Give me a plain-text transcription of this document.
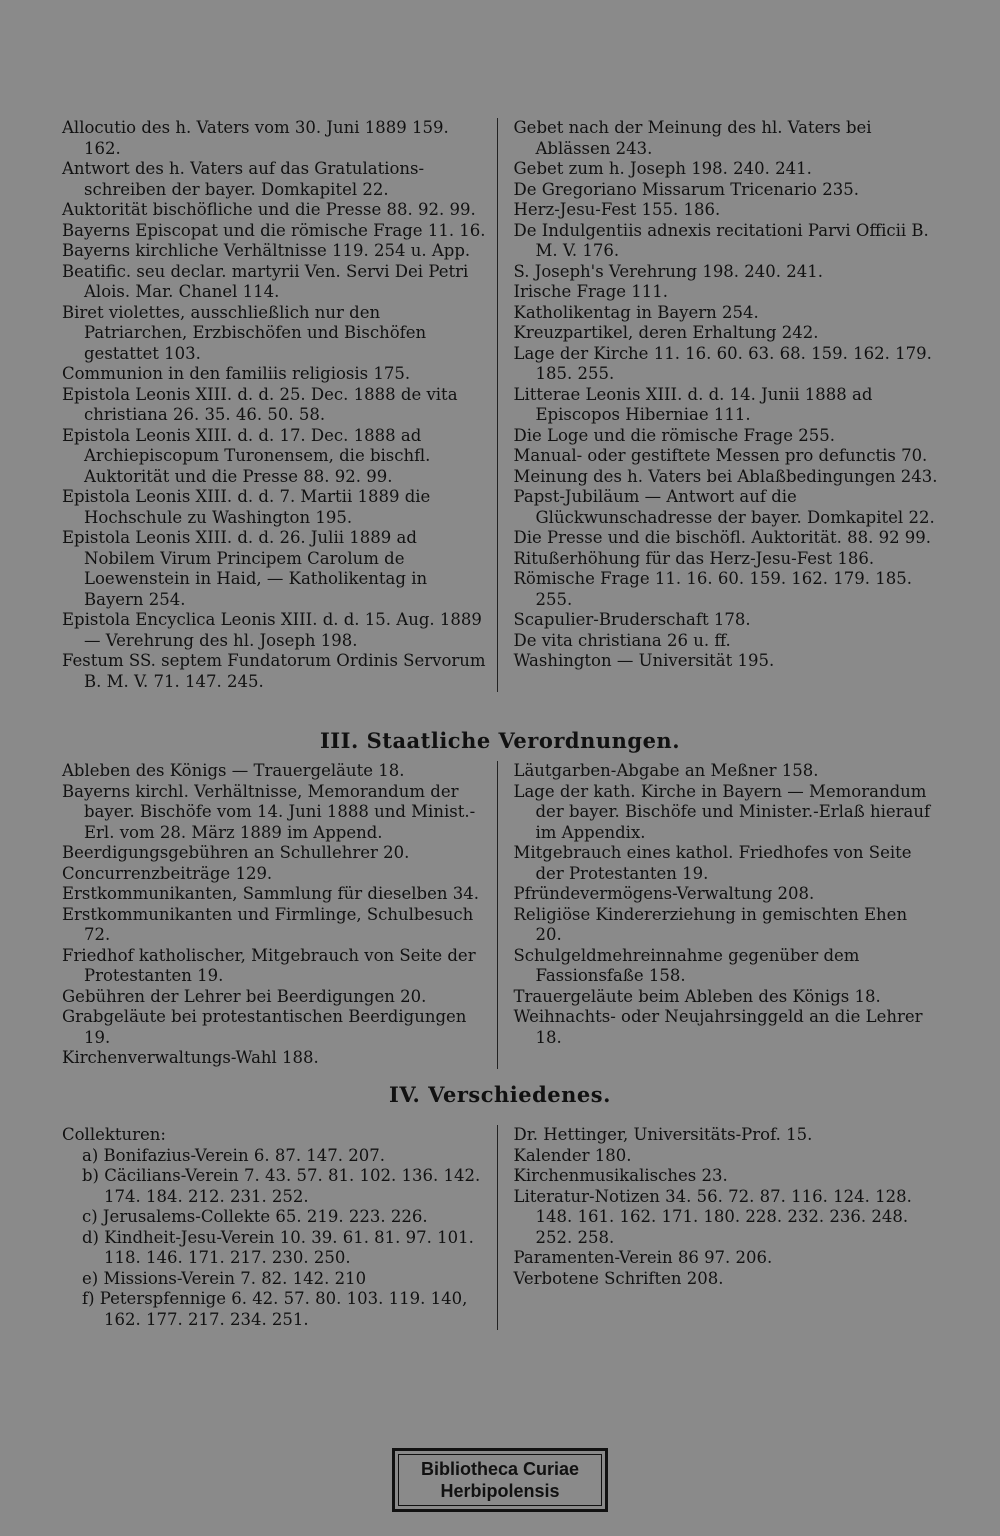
Allocutio des h. Vaters vom 30. Juni 1889 159. 162.
Antwort des h. Vaters auf das Gratulations-schreiben der bayer. Domkapitel 22.
Auktorität bischöfliche und die Presse 88. 92. 99.
Bayerns Episcopat und die römische Frage 11. 16.
Bayerns kirchliche Verhältnisse 119. 254 u. App.
Beatific. seu declar. martyrii Ven. Servi Dei Petri Alois. Mar. Chanel 114.
Biret violettes, ausschließlich nur den Patriarchen, Erzbischöfen und Bischöfen gestattet 103.
Communion in den familiis religiosis 175.
Epistola Leonis XIII. d. d. 25. Dec. 1888 de vita christiana 26. 35. 46. 50. 58.
Epistola Leonis XIII. d. d. 17. Dec. 1888 ad Archiepiscopum Turonensem, die bischfl. Auktorität und die Presse 88. 92. 99.
Epistola Leonis XIII. d. d. 7. Martii 1889 die Hochschule zu Washington 195.
Epistola Leonis XIII. d. d. 26. Julii 1889 ad Nobilem Virum Principem Carolum de Loewenstein in Haid, — Katholikentag in Bayern 254.
Epistola Encyclica Leonis XIII. d. d. 15. Aug. 1889 — Verehrung des hl. Joseph 198.
Festum SS. septem Fundatorum Ordinis Servorum B. M. V. 71. 147. 245.
Gebet nach der Meinung des hl. Vaters bei Ablässen 243.
Gebet zum h. Joseph 198. 240. 241.
De Gregoriano Missarum Tricenario 235.
Herz-Jesu-Fest 155. 186.
De Indulgentiis adnexis recitationi Parvi Officii B. M. V. 176.
S. Joseph's Verehrung 198. 240. 241.
Irische Frage 111.
Katholikentag in Bayern 254.
Kreuzpartikel, deren Erhaltung 242.
Lage der Kirche 11. 16. 60. 63. 68. 159. 162. 179. 185. 255.
Litterae Leonis XIII. d. d. 14. Junii 1888 ad Episcopos Hiberniae 111.
Die Loge und die römische Frage 255.
Manual- oder gestiftete Messen pro defunctis 70.
Meinung des h. Vaters bei Ablaßbedingungen 243.
Papst-Jubiläum — Antwort auf die Glückwunschadresse der bayer. Domkapitel 22.
Die Presse und die bischöfl. Auktorität. 88. 92 99.
Ritußerhöhung für das Herz-Jesu-Fest 186.
Römische Frage 11. 16. 60. 159. 162. 179. 185. 255.
Scapulier-Bruderschaft 178.
De vita christiana 26 u. ff.
Washington — Universität 195.

III. Staatliche Verordnungen.

Ableben des Königs — Trauergeläute 18.
Bayerns kirchl. Verhältnisse, Memorandum der bayer. Bischöfe vom 14. Juni 1888 und Minist.-Erl. vom 28. März 1889 im Append.
Beerdigungsgebühren an Schullehrer 20.
Concurrenzbeiträge 129.
Erstkommunikanten, Sammlung für dieselben 34.
Erstkommunikanten und Firmlinge, Schulbesuch 72.
Friedhof katholischer, Mitgebrauch von Seite der Protestanten 19.
Gebühren der Lehrer bei Beerdigungen 20.
Grabgeläute bei protestantischen Beerdigungen 19.
Kirchenverwaltungs-Wahl 188.
Läutgarben-Abgabe an Meßner 158.
Lage der kath. Kirche in Bayern — Memorandum der bayer. Bischöfe und Minister.-Erlaß hierauf im Appendix.
Mitgebrauch eines kathol. Friedhofes von Seite der Protestanten 19.
Pfründevermögens-Verwaltung 208.
Religiöse Kindererziehung in gemischten Ehen 20.
Schulgeldmehreinnahme gegenüber dem Fassionsfaße 158.
Trauergeläute beim Ableben des Königs 18.
Weihnachts- oder Neujahrsinggeld an die Lehrer 18.

IV. Verschiedenes.

Collekturen:
a) Bonifazius-Verein 6. 87. 147. 207.
b) Cäcilians-Verein 7. 43. 57. 81. 102. 136. 142. 174. 184. 212. 231. 252.
c) Jerusalems-Collekte 65. 219. 223. 226.
d) Kindheit-Jesu-Verein 10. 39. 61. 81. 97. 101. 118. 146. 171. 217. 230. 250.
e) Missions-Verein 7. 82. 142. 210
f) Peterspfennige 6. 42. 57. 80. 103. 119. 140, 162. 177. 217. 234. 251.
Dr. Hettinger, Universitäts-Prof. 15.
Kalender 180.
Kirchenmusikalisches 23.
Literatur-Notizen 34. 56. 72. 87. 116. 124. 128. 148. 161. 162. 171. 180. 228. 232. 236. 248. 252. 258.
Paramenten-Verein 86 97. 206.
Verbotene Schriften 208.
Bibliotheca Curiae
Herbipolensis
